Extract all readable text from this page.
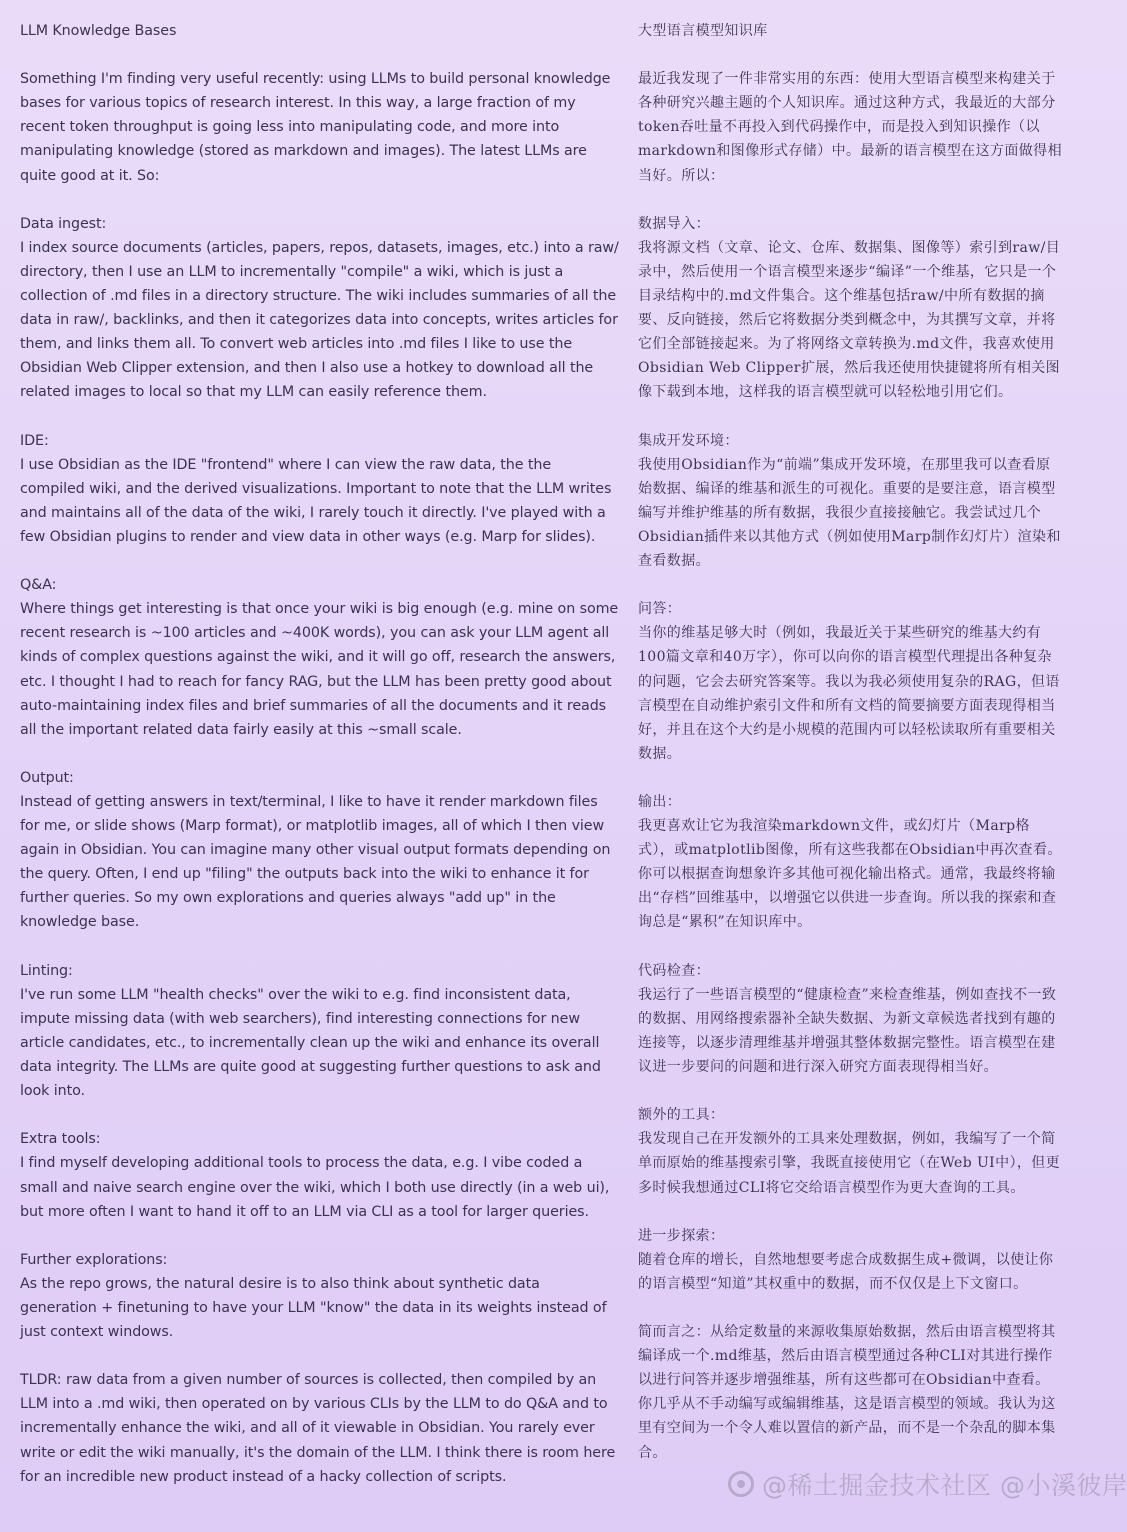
LLM Knowledge Bases

Something I'm finding very useful recently: using LLMs to build personal knowledge bases for various topics of research interest. In this way, a large fraction of my recent token throughput is going less into manipulating code, and more into manipulating knowledge (stored as markdown and images). The latest LLMs are quite good at it. So:

Data ingest:
I index source documents (articles, papers, repos, datasets, images, etc.) into a raw/ directory, then I use an LLM to incrementally "compile" a wiki, which is just a collection of .md files in a directory structure. The wiki includes summaries of all the data in raw/, backlinks, and then it categorizes data into concepts, writes articles for them, and links them all. To convert web articles into .md files I like to use the Obsidian Web Clipper extension, and then I also use a hotkey to download all the related images to local so that my LLM can easily reference them.
IDE:
I use Obsidian as the IDE "frontend" where I can view the raw data, the the compiled wiki, and the derived visualizations. Important to note that the LLM writes and maintains all of the data of the wiki, I rarely touch it directly. I've played with a few Obsidian plugins to render and view data in other ways (e.g. Marp for slides).
Q&A:
Where things get interesting is that once your wiki is big enough (e.g. mine on some recent research is ~100 articles and ~400K words), you can ask your LLM agent all kinds of complex questions against the wiki, and it will go off, research the answers, etc. I thought I had to reach for fancy RAG, but the LLM has been pretty good about auto-maintaining index files and brief summaries of all the documents and it reads all the important related data fairly easily at this ~small scale.
Output:
Instead of getting answers in text/terminal, I like to have it render markdown files for me, or slide shows (Marp format), or matplotlib images, all of which I then view again in Obsidian. You can imagine many other visual output formats depending on the query. Often, I end up "filing" the outputs back into the wiki to enhance it for further queries. So my own explorations and queries always "add up" in the knowledge base.
Linting:
I've run some LLM "health checks" over the wiki to e.g. find inconsistent data, impute missing data (with web searchers), find interesting connections for new article candidates, etc., to incrementally clean up the wiki and enhance its overall data integrity. The LLMs are quite good at suggesting further questions to ask and look into.
Extra tools:
I find myself developing additional tools to process the data, e.g. I vibe coded a small and naive search engine over the wiki, which I both use directly (in a web ui), but more often I want to hand it off to an LLM via CLI as a tool for larger queries.
Further explorations:
As the repo grows, the natural desire is to also think about synthetic data generation + finetuning to have your LLM "know" the data in its weights instead of just context windows.

TLDR: raw data from a given number of sources is collected, then compiled by an LLM into a .md wiki, then operated on by various CLIs by the LLM to do Q&A and to incrementally enhance the wiki, and all of it viewable in Obsidian. You rarely ever write or edit the wiki manually, it's the domain of the LLM. I think there is room here for an incredible new product instead of a hacky collection of scripts.

大型语言模型知识库

最近我发现了一件非常实用的东西：使用大型语言模型来构建关于各种研究兴趣主题的个人知识库。通过这种方式，我最近的大部分token吞吐量不再投入到代码操作中，而是投入到知识操作（以markdown和图像形式存储）中。最新的语言模型在这方面做得相当好。所以：

数据导入：
我将源文档（文章、论文、仓库、数据集、图像等）索引到raw/目录中，然后使用一个语言模型来逐步“编译”一个维基，它只是一个目录结构中的.md文件集合。这个维基包括raw/中所有数据的摘要、反向链接，然后它将数据分类到概念中，为其撰写文章，并将它们全部链接起来。为了将网络文章转换为.md文件，我喜欢使用Obsidian Web Clipper扩展，然后我还使用快捷键将所有相关图像下载到本地，这样我的语言模型就可以轻松地引用它们。
集成开发环境：
我使用Obsidian作为“前端”集成开发环境，在那里我可以查看原始数据、编译的维基和派生的可视化。重要的是要注意，语言模型编写并维护维基的所有数据，我很少直接接触它。我尝试过几个Obsidian插件来以其他方式（例如使用Marp制作幻灯片）渲染和查看数据。
问答：
当你的维基足够大时（例如，我最近关于某些研究的维基大约有100篇文章和40万字），你可以向你的语言模型代理提出各种复杂的问题，它会去研究答案等。我以为我必须使用复杂的RAG，但语言模型在自动维护索引文件和所有文档的简要摘要方面表现得相当好，并且在这个大约是小规模的范围内可以轻松读取所有重要相关数据。
输出：
我更喜欢让它为我渲染markdown文件，或幻灯片（Marp格式），或matplotlib图像，所有这些我都在Obsidian中再次查看。你可以根据查询想象许多其他可视化输出格式。通常，我最终将输出“存档”回维基中，以增强它以供进一步查询。所以我的探索和查询总是“累积”在知识库中。
代码检查：
我运行了一些语言模型的“健康检查”来检查维基，例如查找不一致的数据、用网络搜索器补全缺失数据、为新文章候选者找到有趣的连接等，以逐步清理维基并增强其整体数据完整性。语言模型在建议进一步要问的问题和进行深入研究方面表现得相当好。
额外的工具：
我发现自己在开发额外的工具来处理数据，例如，我编写了一个简单而原始的维基搜索引擎，我既直接使用它（在Web UI中），但更多时候我想通过CLI将它交给语言模型作为更大查询的工具。
进一步探索：
随着仓库的增长，自然地想要考虑合成数据生成+微调，以使让你的语言模型“知道”其权重中的数据，而不仅仅是上下文窗口。

简而言之：从给定数量的来源收集原始数据，然后由语言模型将其编译成一个.md维基，然后由语言模型通过各种CLI对其进行操作以进行问答并逐步增强维基，所有这些都可在Obsidian中查看。你几乎从不手动编写或编辑维基，这是语言模型的领域。我认为这里有空间为一个令人难以置信的新产品，而不是一个杂乱的脚本集合。

@稀土掘金技术社区 @小溪彼岸
